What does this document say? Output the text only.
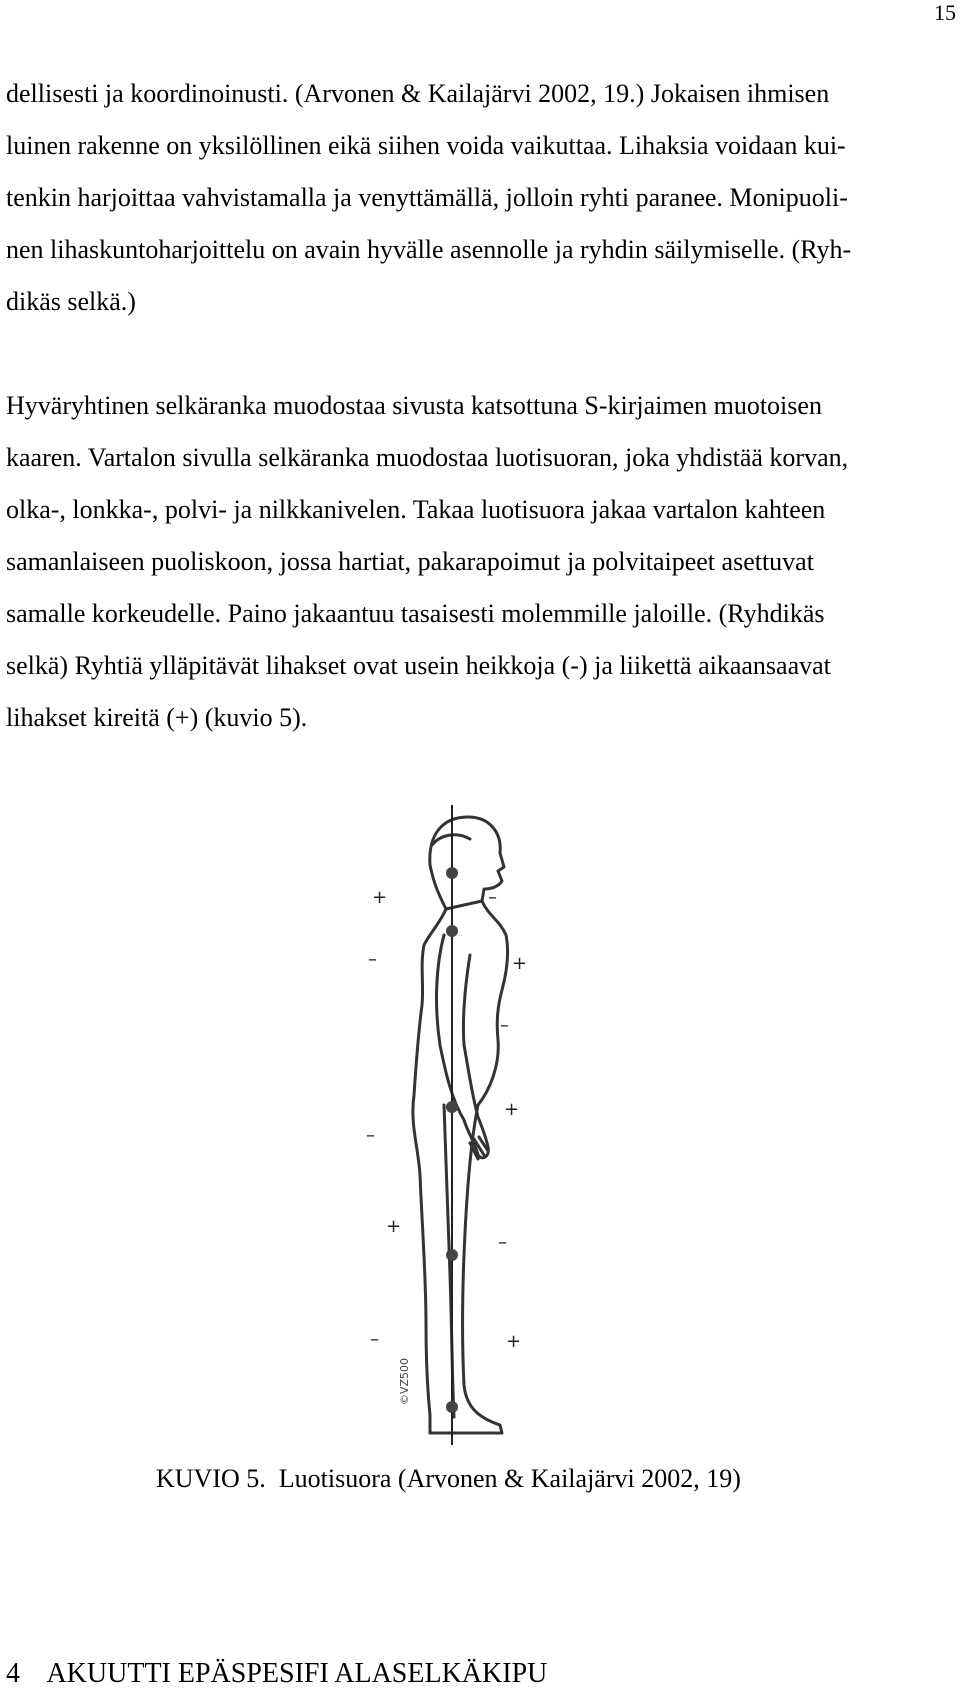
15

dellisesti ja koordinoinusti. (Arvonen & Kailajärvi 2002, 19.) Jokaisen ihmisen
luinen rakenne on yksilöllinen eikä siihen voida vaikuttaa. Lihaksia voidaan kui-
tenkin harjoittaa vahvistamalla ja venyttämällä, jolloin ryhti paranee. Monipuoli-
nen lihaskuntoharjoittelu on avain hyvälle asennolle ja ryhdin säilymiselle. (Ryh-
dikäs selkä.)

Hyväryhtinen selkäranka muodostaa sivusta katsottuna S-kirjaimen muotoisen
kaaren. Vartalon sivulla selkäranka muodostaa luotisuoran, joka yhdistää korvan,
olka-, lonkka-, polvi- ja nilkkanivelen. Takaa luotisuora jakaa vartalon kahteen
samanlaiseen puoliskoon, jossa hartiat, pakarapoimut ja polvitaipeet asettuvat
samalle korkeudelle. Paino jakaantuu tasaisesti molemmille jaloille. (Ryhdikäs
selkä) Ryhtiä ylläpitävät lihakset ovat usein heikkoja (-) ja liikettä aikaansaavat
lihakset kireitä (+) (kuvio 5).

+
–
–
+
–
–
+
–
+
–
+
©VZ500
KUVIO 5.  Luotisuora (Arvonen & Kailajärvi 2002, 19)
4    AKUUTTI EPÄSPESIFI ALASELKÄKIPU
